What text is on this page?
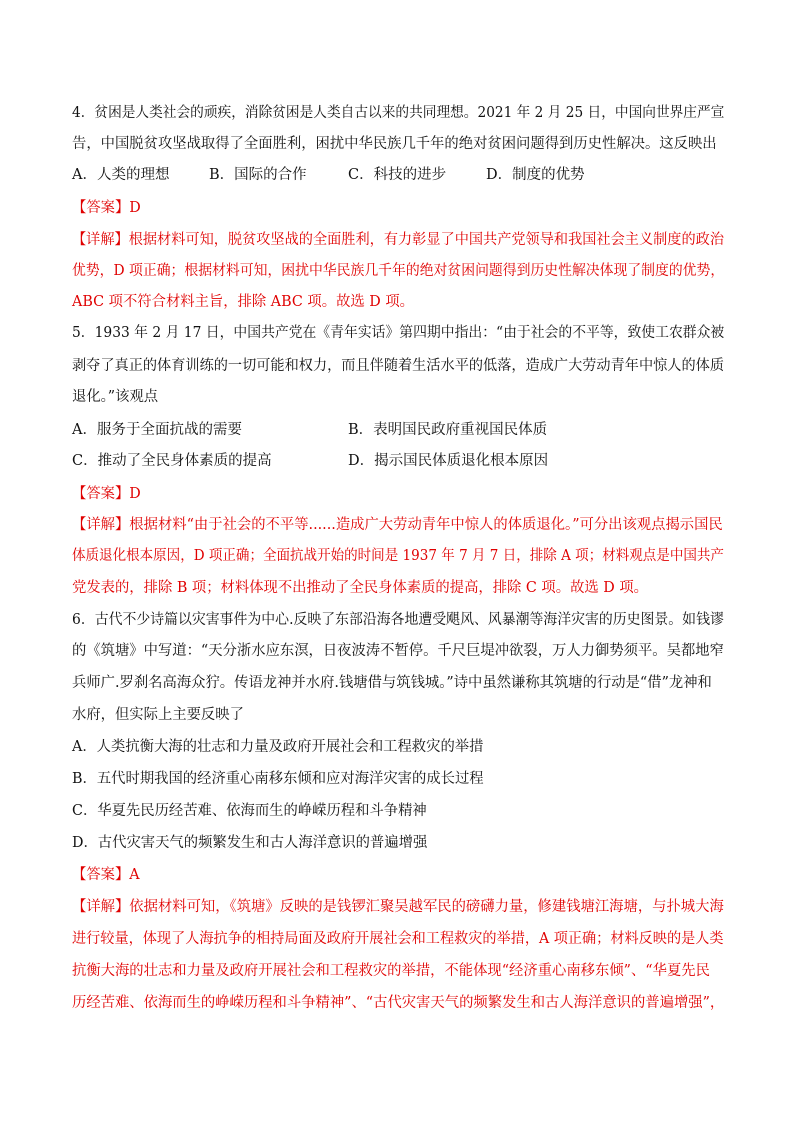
4．贫困是人类社会的顽疾，消除贫困是人类自古以来的共同理想。2021 年 2 月 25 日，中国向世界庄严宣
告，中国脱贫攻坚战取得了全面胜利，困扰中华民族几千年的绝对贫困问题得到历史性解决。这反映出
A．人类的理想	B．国际的合作	C．科技的进步	D．制度的优势
【答案】D
【详解】根据材料可知，脱贫攻坚战的全面胜利，有力彰显了中国共产党领导和我国社会主义制度的政治
优势，D 项正确；根据材料可知，困扰中华民族几千年的绝对贫困问题得到历史性解决体现了制度的优势，
ABC 项不符合材料主旨，排除 ABC 项。故选 D 项。
5．1933 年 2 月 17 日，中国共产党在《青年实话》第四期中指出：“由于社会的不平等，致使工农群众被
剥夺了真正的体育训练的一切可能和权力，而且伴随着生活水平的低落，造成广大劳动青年中惊人的体质
退化。”该观点
A．服务于全面抗战的需要	B．表明国民政府重视国民体质
C．推动了全民身体素质的提高	D．揭示国民体质退化根本原因
【答案】D
【详解】根据材料“由于社会的不平等......造成广大劳动青年中惊人的体质退化。”可分出该观点揭示国民
体质退化根本原因，D 项正确；全面抗战开始的时间是 1937 年 7 月 7 日，排除 A 项；材料观点是中国共产
党发表的，排除 B 项；材料体现不出推动了全民身体素质的提高，排除 C 项。故选 D 项。
6．古代不少诗篇以灾害事件为中心.反映了东部沿海各地遭受飓风、风暴潮等海洋灾害的历史图景。如钱谬
的《筑塘》中写道：“天分浙水应东溟，日夜波涛不暂停。千尺巨堤冲欲裂，万人力御势须平。吴都地窄
兵师广.罗刹名高海众狞。传语龙神并水府.钱塘借与筑钱城。”诗中虽然谦称其筑塘的行动是“借”龙神和
水府，但实际上主要反映了
A．人类抗衡大海的壮志和力量及政府开展社会和工程救灾的举措
B．五代时期我国的经济重心南移东倾和应对海洋灾害的成长过程
C．华夏先民历经苦难、依海而生的峥嵘历程和斗争精神
D．古代灾害天气的频繁发生和古人海洋意识的普遍增强
【答案】A
【详解】依据材料可知，《筑塘》反映的是钱锣汇聚吴越军民的磅礴力量，修建钱塘江海塘，与扑城大海
进行较量，体现了人海抗争的相持局面及政府开展社会和工程救灾的举措，A 项正确；材料反映的是人类
抗衡大海的壮志和力量及政府开展社会和工程救灾的举措，不能体现“经济重心南移东倾”、“华夏先民
历经苦难、依海而生的峥嵘历程和斗争精神”、“古代灾害天气的频繁发生和古人海洋意识的普遍增强”，
